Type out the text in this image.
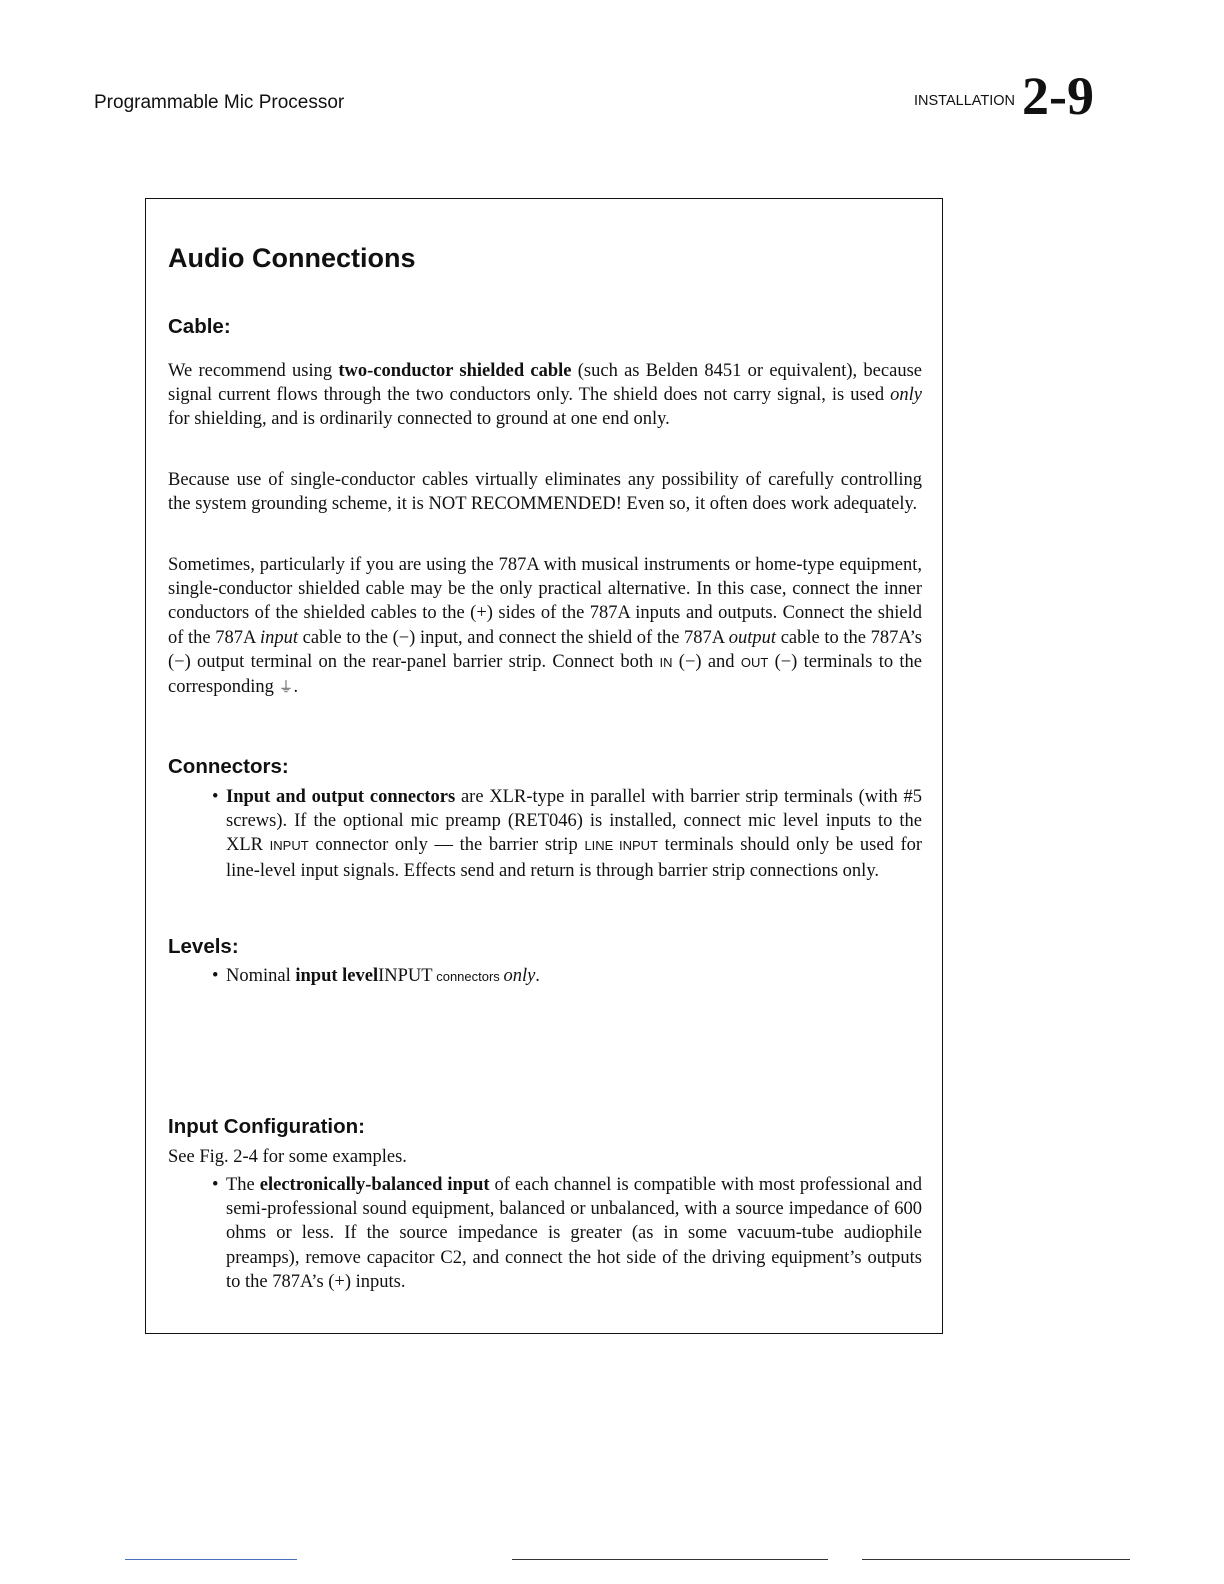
Programmable Mic Processor	INSTALLATION 2-9
Audio Connections
Cable:

We recommend using two-conductor shielded cable (such as Belden 8451 or equivalent), because signal current flows through the two conductors only. The shield does not carry signal, is used only for shielding, and is ordinarily connected to ground at one end only.

Because use of single-conductor cables virtually eliminates any possibility of carefully controlling the system grounding scheme, it is NOT RECOMMENDED! Even so, it often does work adequately.

Sometimes, particularly if you are using the 787A with musical instruments or home-type equipment, single-conductor shielded cable may be the only practical alternative. In this case, connect the inner conductors of the shielded cables to the (+) sides of the 787A inputs and outputs. Connect the shield of the 787A input cable to the (−) input, and connect the shield of the 787A output cable to the 787A’s (−) output terminal on the rear-panel barrier strip. Connect both IN (−) and OUT (−) terminals to the corresponding ⏚.

Connectors:

• Input and output connectors are XLR-type in parallel with barrier strip terminals (with #5 screws). If the optional mic preamp (RET046) is installed, connect mic level inputs to the XLR INPUT connector only — the barrier strip LINE INPUT terminals should only be used for line-level input signals. Effects send and return is through barrier strip connections only.

Levels:

• Nominal input levelINPUT connectors only.

Input Configuration:

See Fig. 2-4 for some examples.

• The electronically-balanced input of each channel is compatible with most professional and semi-professional sound equipment, balanced or unbalanced, with a source impedance of 600 ohms or less. If the source impedance is greater (as in some vacuum-tube audiophile preamps), remove capacitor C2, and connect the hot side of the driving equipment’s outputs to the 787A’s (+) inputs.
